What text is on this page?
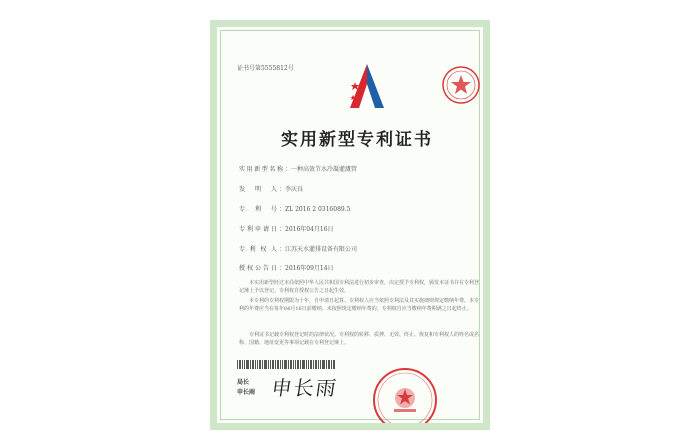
证书号第5555812号
实用新型专利证书
实用新型名称 ：一种高效节水冷凝灌溉管
发明人 ：李庆良
专利号 ：ZL 2016 2 0316089.5
专利申请日 ：2016年04月16日
专利权人 ：江苏天水灌排设备有限公司
授权公告日 ：2016年09月14日
本实用新型经过本局依照中华人民共和国专利法进行初步审查，决定授予专利权，颁发本证书并在专利登记簿上予以登记。专利权自授权公告之日起生效。
本专利的专利权期限为十年，自申请日起算。专利权人应当依照专利法及其实施细则规定缴纳年费。本专利的年费应当在每年04月16日前缴纳。未按照规定缴纳年费的，专利权自应当缴纳年费期满之日起终止。
专利证书记载专利权登记时的法律状况。专利权的转移、质押、无效、终止、恢复和专利权人的姓名或名称、国籍、地址变更等事项记载在专利登记簿上。
局长
申长雨 申长雨
第1页(共1页)
